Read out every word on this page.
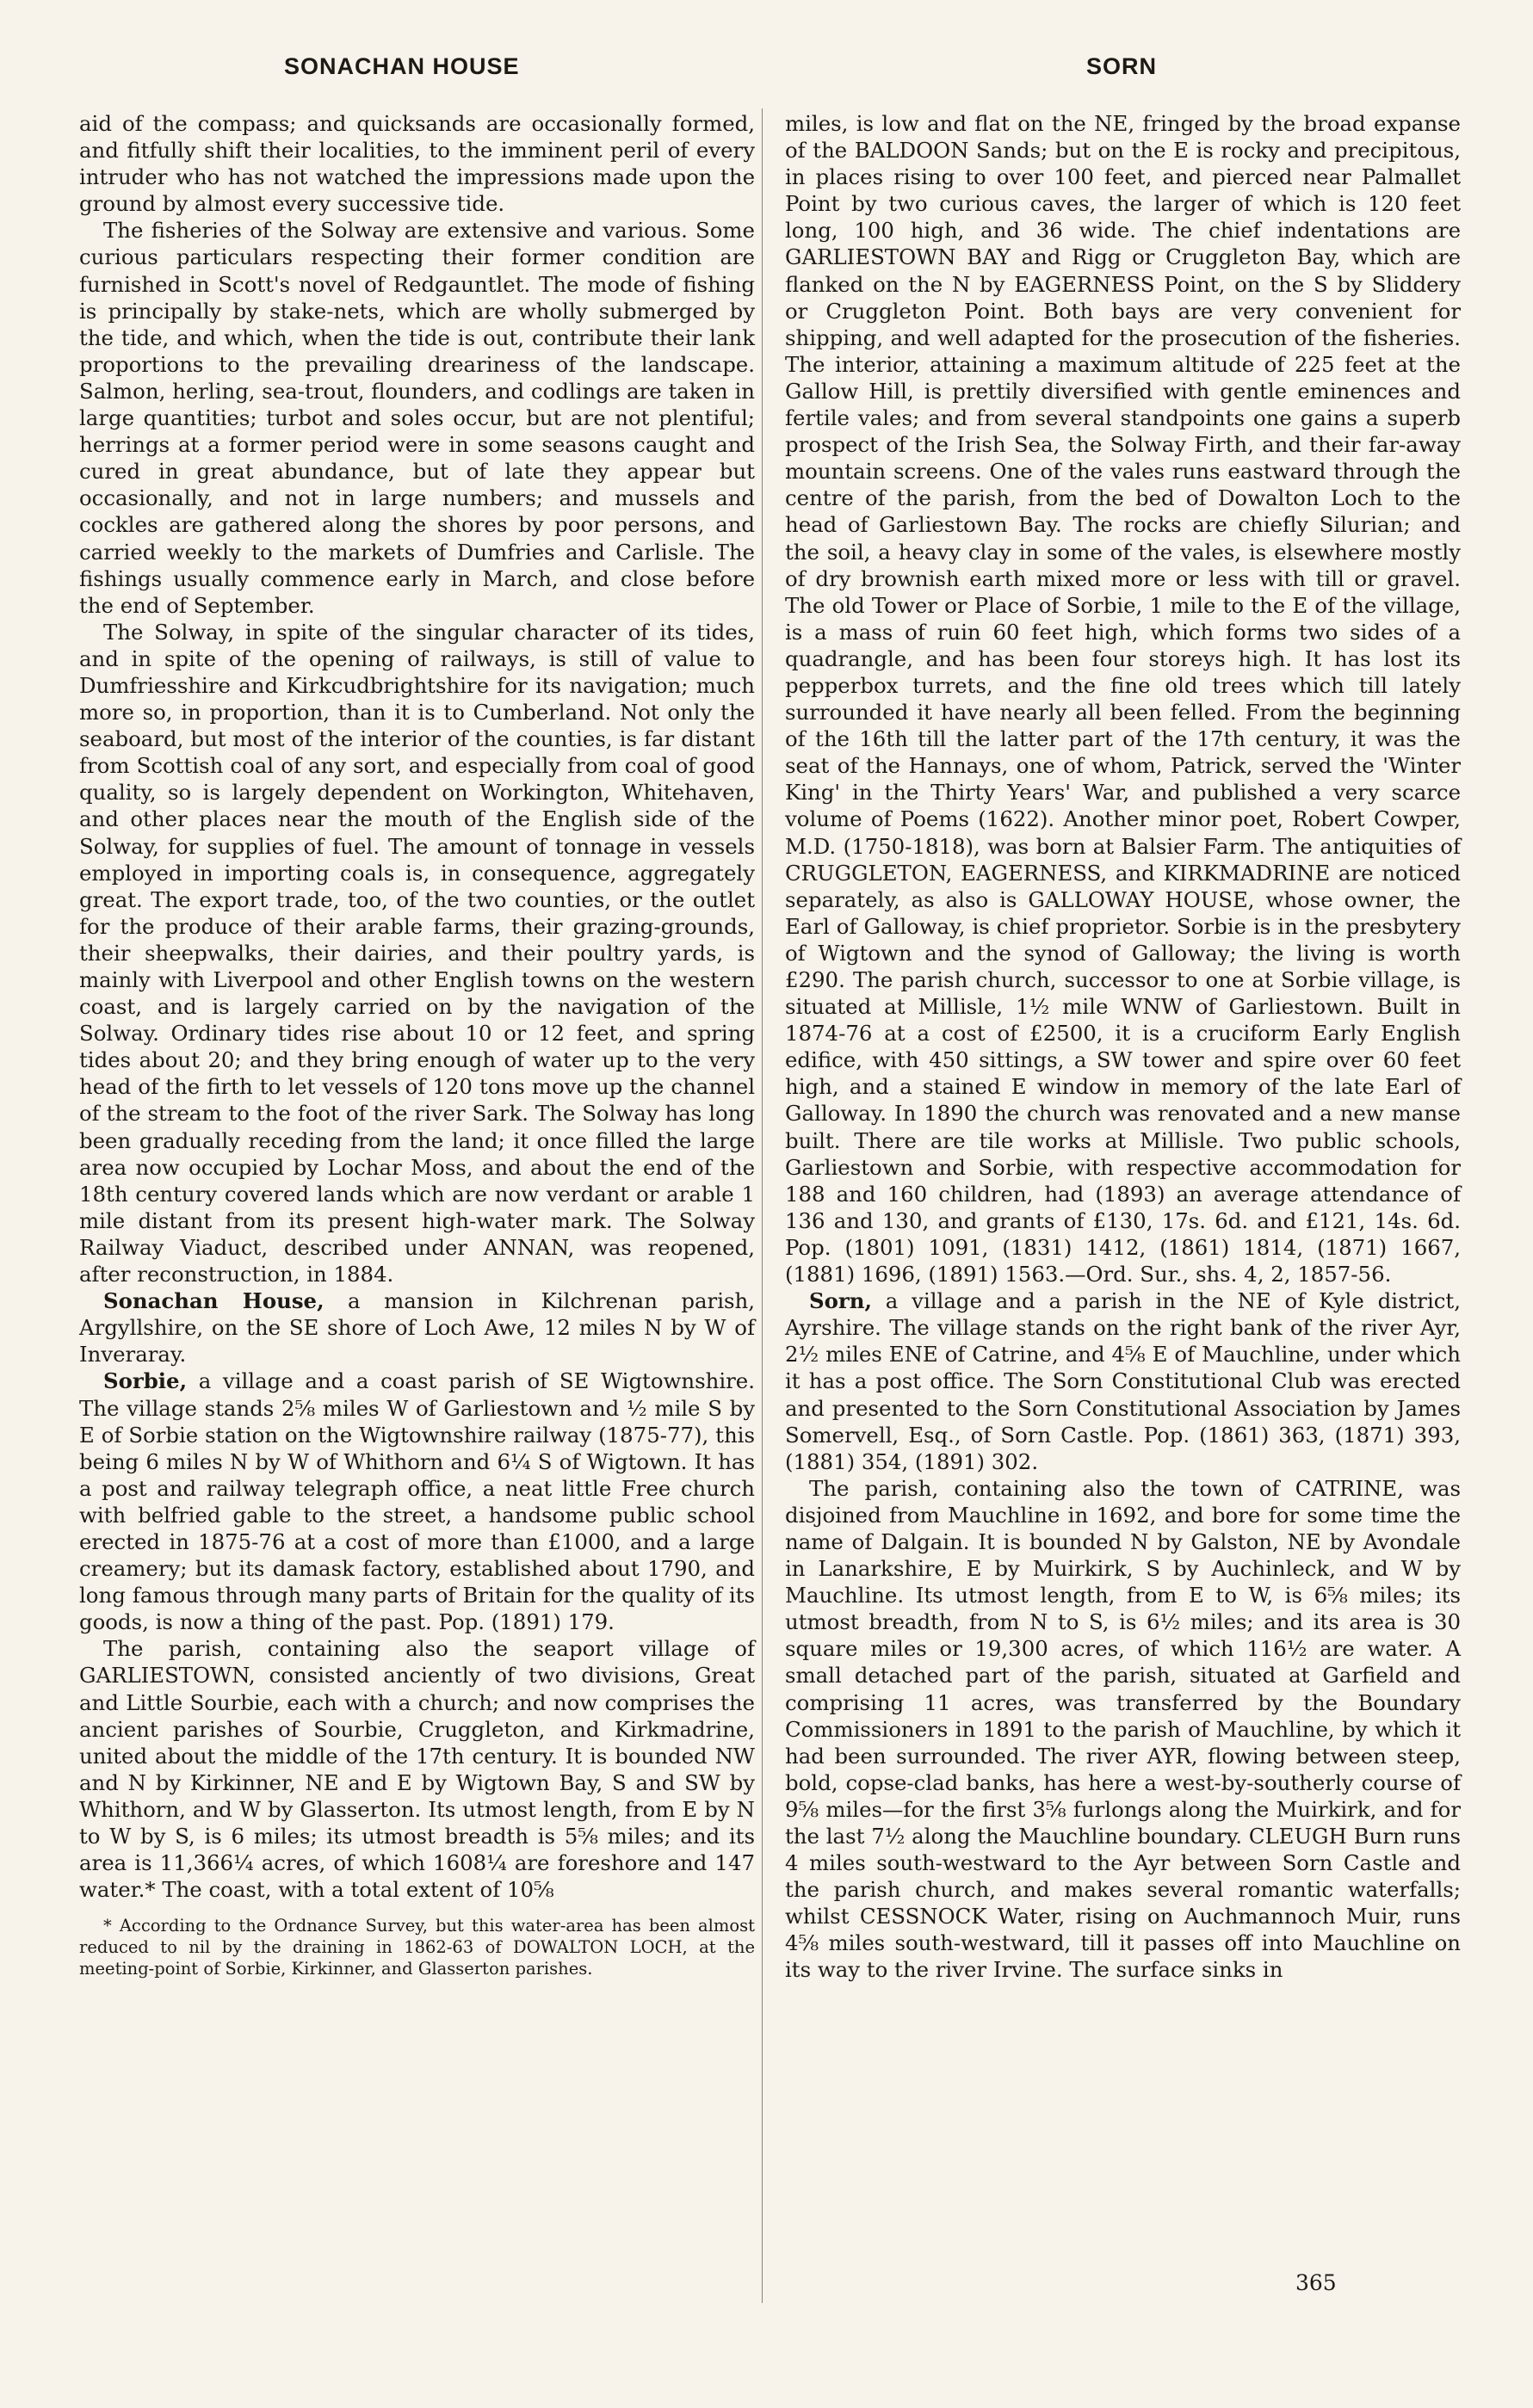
SONACHAN HOUSE	SORN

aid of the compass; and quicksands are occasionally formed, and fitfully shift their localities, to the imminent peril of every intruder who has not watched the impressions made upon the ground by almost every successive tide.

The fisheries of the Solway are extensive and various. Some curious particulars respecting their former condition are furnished in Scott's novel of Redgauntlet. The mode of fishing is principally by stake-nets, which are wholly submerged by the tide, and which, when the tide is out, contribute their lank proportions to the prevailing dreariness of the landscape. Salmon, herling, sea-trout, flounders, and codlings are taken in large quantities; turbot and soles occur, but are not plentiful; herrings at a former period were in some seasons caught and cured in great abundance, but of late they appear but occasionally, and not in large numbers; and mussels and cockles are gathered along the shores by poor persons, and carried weekly to the markets of Dumfries and Carlisle. The fishings usually commence early in March, and close before the end of September.

The Solway, in spite of the singular character of its tides, and in spite of the opening of railways, is still of value to Dumfriesshire and Kirkcudbrightshire for its navigation; much more so, in proportion, than it is to Cumberland. Not only the seaboard, but most of the interior of the counties, is far distant from Scottish coal of any sort, and especially from coal of good quality, so is largely dependent on Workington, Whitehaven, and other places near the mouth of the English side of the Solway, for supplies of fuel. The amount of tonnage in vessels employed in importing coals is, in consequence, aggregately great. The export trade, too, of the two counties, or the outlet for the produce of their arable farms, their grazing-grounds, their sheepwalks, their dairies, and their poultry yards, is mainly with Liverpool and other English towns on the western coast, and is largely carried on by the navigation of the Solway. Ordinary tides rise about 10 or 12 feet, and spring tides about 20; and they bring enough of water up to the very head of the firth to let vessels of 120 tons move up the channel of the stream to the foot of the river Sark. The Solway has long been gradually receding from the land; it once filled the large area now occupied by Lochar Moss, and about the end of the 18th century covered lands which are now verdant or arable 1 mile distant from its present high-water mark. The Solway Railway Viaduct, described under ANNAN, was reopened, after reconstruction, in 1884.

Sonachan House, a mansion in Kilchrenan parish, Argyllshire, on the SE shore of Loch Awe, 12 miles N by W of Inveraray.

Sorbie, a village and a coast parish of SE Wigtownshire. The village stands 2⅝ miles W of Garliestown and ½ mile S by E of Sorbie station on the Wigtownshire railway (1875-77), this being 6 miles N by W of Whithorn and 6¼ S of Wigtown. It has a post and railway telegraph office, a neat little Free church with belfried gable to the street, a handsome public school erected in 1875-76 at a cost of more than £1000, and a large creamery; but its damask factory, established about 1790, and long famous through many parts of Britain for the quality of its goods, is now a thing of the past. Pop. (1891) 179.

The parish, containing also the seaport village of GARLIESTOWN, consisted anciently of two divisions, Great and Little Sourbie, each with a church; and now comprises the ancient parishes of Sourbie, Cruggleton, and Kirkmadrine, united about the middle of the 17th century. It is bounded NW and N by Kirkinner, NE and E by Wigtown Bay, S and SW by Whithorn, and W by Glasserton. Its utmost length, from E by N to W by S, is 6 miles; its utmost breadth is 5⅝ miles; and its area is 11,366¼ acres, of which 1608¼ are foreshore and 147 water.* The coast, with a total extent of 10⅝

* According to the Ordnance Survey, but this water-area has been almost reduced to nil by the draining in 1862-63 of DOWALTON LOCH, at the meeting-point of Sorbie, Kirkinner, and Glasserton parishes.

miles, is low and flat on the NE, fringed by the broad expanse of the BALDOON Sands; but on the E is rocky and precipitous, in places rising to over 100 feet, and pierced near Palmallet Point by two curious caves, the larger of which is 120 feet long, 100 high, and 36 wide. The chief indentations are GARLIESTOWN BAY and Rigg or Cruggleton Bay, which are flanked on the N by EAGERNESS Point, on the S by Sliddery or Cruggleton Point. Both bays are very convenient for shipping, and well adapted for the prosecution of the fisheries. The interior, attaining a maximum altitude of 225 feet at the Gallow Hill, is prettily diversified with gentle eminences and fertile vales; and from several standpoints one gains a superb prospect of the Irish Sea, the Solway Firth, and their far-away mountain screens. One of the vales runs eastward through the centre of the parish, from the bed of Dowalton Loch to the head of Garliestown Bay. The rocks are chiefly Silurian; and the soil, a heavy clay in some of the vales, is elsewhere mostly of dry brownish earth mixed more or less with till or gravel. The old Tower or Place of Sorbie, 1 mile to the E of the village, is a mass of ruin 60 feet high, which forms two sides of a quadrangle, and has been four storeys high. It has lost its pepperbox turrets, and the fine old trees which till lately surrounded it have nearly all been felled. From the beginning of the 16th till the latter part of the 17th century, it was the seat of the Hannays, one of whom, Patrick, served the 'Winter King' in the Thirty Years' War, and published a very scarce volume of Poems (1622). Another minor poet, Robert Cowper, M.D. (1750-1818), was born at Balsier Farm. The antiquities of CRUGGLETON, EAGERNESS, and KIRKMADRINE are noticed separately, as also is GALLOWAY HOUSE, whose owner, the Earl of Galloway, is chief proprietor. Sorbie is in the presbytery of Wigtown and the synod of Galloway; the living is worth £290. The parish church, successor to one at Sorbie village, is situated at Millisle, 1½ mile WNW of Garliestown. Built in 1874-76 at a cost of £2500, it is a cruciform Early English edifice, with 450 sittings, a SW tower and spire over 60 feet high, and a stained E window in memory of the late Earl of Galloway. In 1890 the church was renovated and a new manse built. There are tile works at Millisle. Two public schools, Garliestown and Sorbie, with respective accommodation for 188 and 160 children, had (1893) an average attendance of 136 and 130, and grants of £130, 17s. 6d. and £121, 14s. 6d. Pop. (1801) 1091, (1831) 1412, (1861) 1814, (1871) 1667, (1881) 1696, (1891) 1563.—Ord. Sur., shs. 4, 2, 1857-56.

Sorn, a village and a parish in the NE of Kyle district, Ayrshire. The village stands on the right bank of the river Ayr, 2½ miles ENE of Catrine, and 4⅝ E of Mauchline, under which it has a post office. The Sorn Constitutional Club was erected and presented to the Sorn Constitutional Association by James Somervell, Esq., of Sorn Castle. Pop. (1861) 363, (1871) 393, (1881) 354, (1891) 302.

The parish, containing also the town of CATRINE, was disjoined from Mauchline in 1692, and bore for some time the name of Dalgain. It is bounded N by Galston, NE by Avondale in Lanarkshire, E by Muirkirk, S by Auchinleck, and W by Mauchline. Its utmost length, from E to W, is 6⅝ miles; its utmost breadth, from N to S, is 6½ miles; and its area is 30 square miles or 19,300 acres, of which 116½ are water. A small detached part of the parish, situated at Garfield and comprising 11 acres, was transferred by the Boundary Commissioners in 1891 to the parish of Mauchline, by which it had been surrounded. The river AYR, flowing between steep, bold, copse-clad banks, has here a west-by-southerly course of 9⅝ miles—for the first 3⅝ furlongs along the Muirkirk, and for the last 7½ along the Mauchline boundary. CLEUGH Burn runs 4 miles south-westward to the Ayr between Sorn Castle and the parish church, and makes several romantic waterfalls; whilst CESSNOCK Water, rising on Auchmannoch Muir, runs 4⅝ miles south-westward, till it passes off into Mauchline on its way to the river Irvine. The surface sinks in

365
